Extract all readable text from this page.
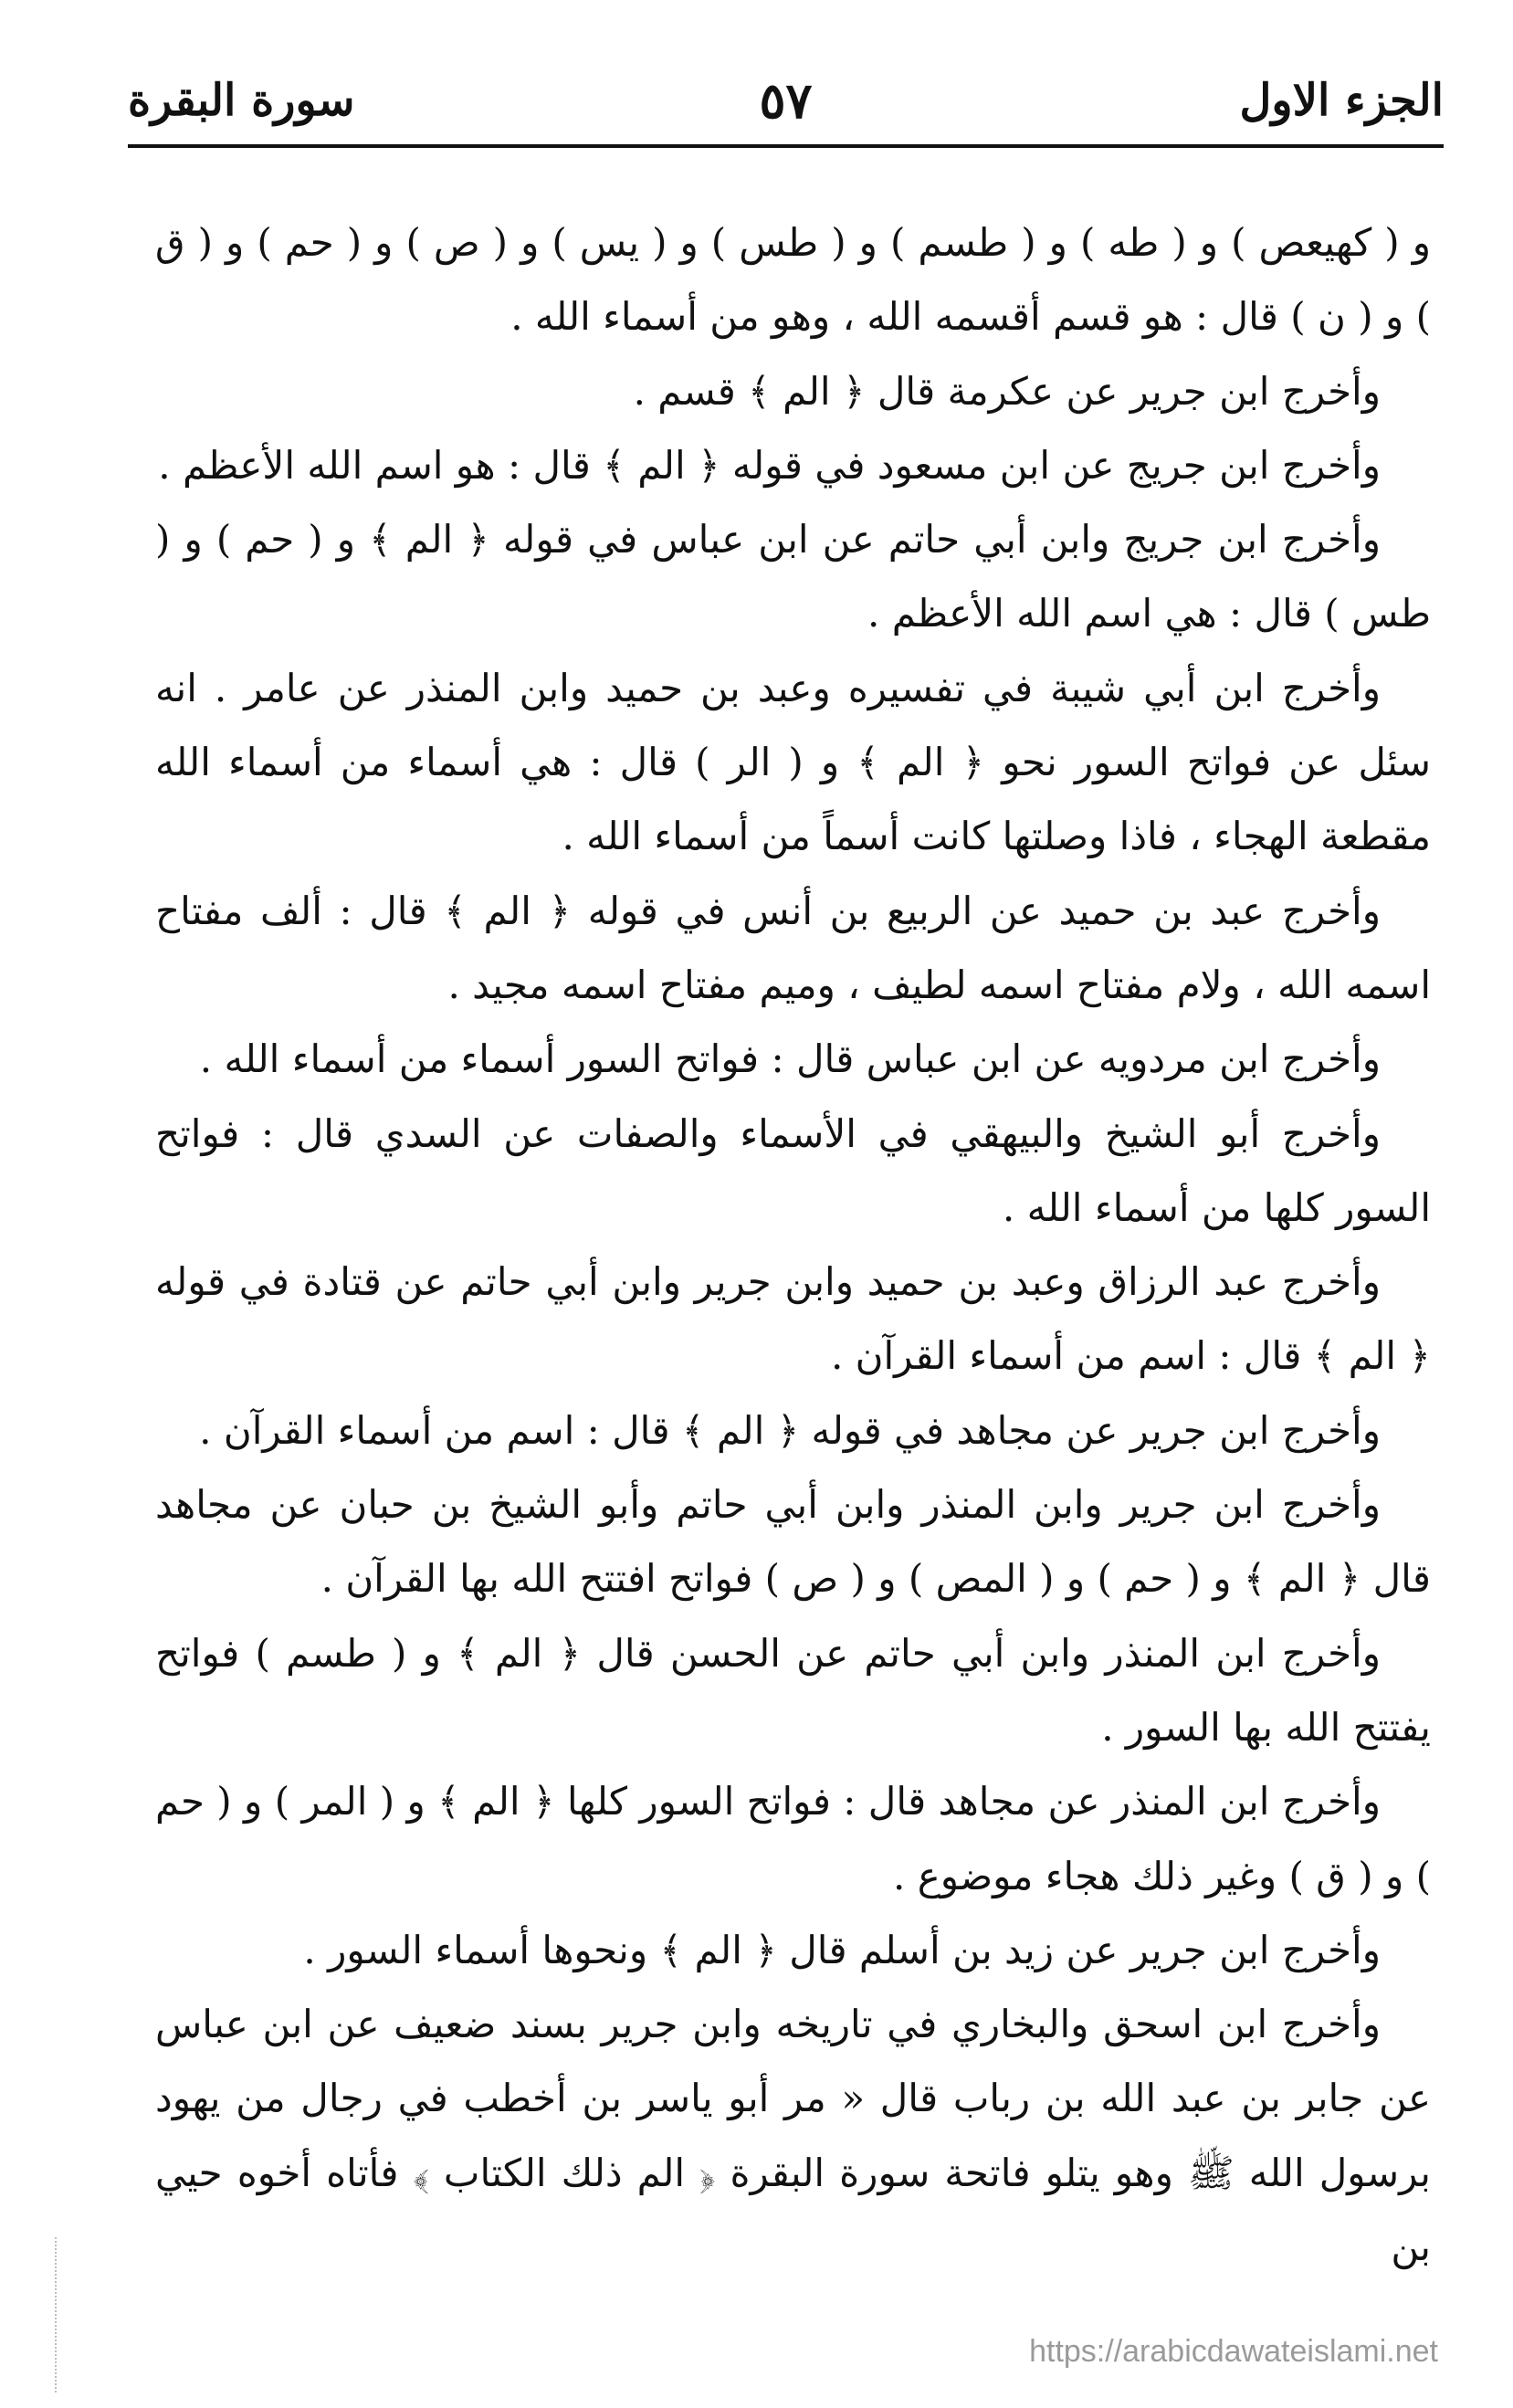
الجزء الاول
٥٧
سورة البقرة

و ( كهيعص ) و ( طه ) و ( طسم ) و ( طس ) و ( يس ) و ( ص ) و ( حم ) و ( ق ) و ( ن ) قال : هو قسم أقسمه الله ، وهو من أسماء الله .

وأخرج ابن جرير عن عكرمة قال ﴿ الم ﴾ قسم .

وأخرج ابن جريج عن ابن مسعود في قوله ﴿ الم ﴾ قال : هو اسم الله الأعظم .

وأخرج ابن جريج وابن أبي حاتم عن ابن عباس في قوله ﴿ الم ﴾ و ( حم ) و ( طس ) قال : هي اسم الله الأعظم .

وأخرج ابن أبي شيبة في تفسيره وعبد بن حميد وابن المنذر عن عامر . انه سئل عن فواتح السور نحو ﴿ الم ﴾ و ( الر ) قال : هي أسماء من أسماء الله مقطعة الهجاء ، فاذا وصلتها كانت أسماً من أسماء الله .

وأخرج عبد بن حميد عن الربيع بن أنس في قوله ﴿ الم ﴾ قال : ألف مفتاح اسمه الله ، ولام مفتاح اسمه لطيف ، وميم مفتاح اسمه مجيد .

وأخرج ابن مردويه عن ابن عباس قال : فواتح السور أسماء من أسماء الله .

وأخرج أبو الشيخ والبيهقي في الأسماء والصفات عن السدي قال : فواتح السور كلها من أسماء الله .

وأخرج عبد الرزاق وعبد بن حميد وابن جرير وابن أبي حاتم عن قتادة في قوله ﴿ الم ﴾ قال : اسم من أسماء القرآن .

وأخرج ابن جرير عن مجاهد في قوله ﴿ الم ﴾ قال : اسم من أسماء القرآن .

وأخرج ابن جرير وابن المنذر وابن أبي حاتم وأبو الشيخ بن حبان عن مجاهد قال ﴿ الم ﴾ و ( حم ) و ( المص ) و ( ص ) فواتح افتتح الله بها القرآن .

وأخرج ابن المنذر وابن أبي حاتم عن الحسن قال ﴿ الم ﴾ و ( طسم ) فواتح يفتتح الله بها السور .

وأخرج ابن المنذر عن مجاهد قال : فواتح السور كلها ﴿ الم ﴾ و ( المر ) و ( حم ) و ( ق ) وغير ذلك هجاء موضوع .

وأخرج ابن جرير عن زيد بن أسلم قال ﴿ الم ﴾ ونحوها أسماء السور .

وأخرج ابن اسحق والبخاري في تاريخه وابن جرير بسند ضعيف عن ابن عباس عن جابر بن عبد الله بن رباب قال « مر أبو ياسر بن أخطب في رجال من يهود برسول الله ﷺ وهو يتلو فاتحة سورة البقرة ﴿ الم ذلك الكتاب ﴾ فأتاه أخوه حيي بن

https://arabicdawateislami.net
